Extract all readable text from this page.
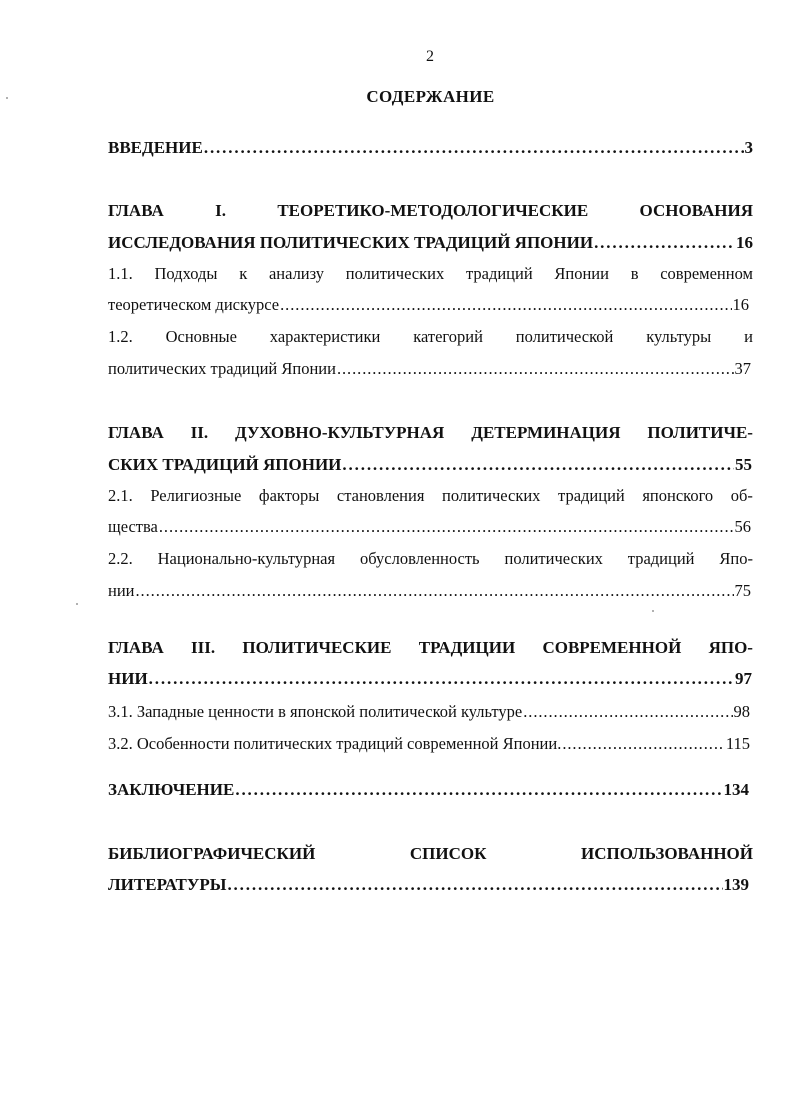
2
СОДЕРЖАНИЕ
ВВЕДЕНИЕ . . .	3
ГЛАВА	I.	ТЕОРЕТИКО-МЕТОДОЛОГИЧЕСКИЕ	ОСНОВАНИЯ
ИССЛЕДОВАНИЯ ПОЛИТИЧЕСКИХ ТРАДИЦИЙ ЯПОНИИ . . .	16
1.1. Подходы к анализу политических традиций Японии в современном
теоретическом дискурсе . . .	16
1.2. Основные характеристики категорий политической культуры и
политических традиций Японии . . .	37
ГЛАВА II. ДУХОВНО-КУЛЬТУРНАЯ ДЕТЕРМИНАЦИЯ ПОЛИТИЧЕ-
СКИХ ТРАДИЦИЙ ЯПОНИИ . . .	55
2.1. Религиозные факторы становления политических традиций японского об-
щества . . .	56
2.2. Национально-культурная обусловленность политических традиций Япо-
нии . . .	75
ГЛАВА III. ПОЛИТИЧЕСКИЕ ТРАДИЦИИ СОВРЕМЕННОЙ ЯПО-
НИИ . . .	97
3.1. Западные ценности в японской политической культуре . . .	98
3.2. Особенности политических традиций современной Японии. . . .	115
ЗАКЛЮЧЕНИЕ . . .	134
БИБЛИОГРАФИЧЕСКИЙ	СПИСОК	ИСПОЛЬЗОВАННОЙ
ЛИТЕРАТУРЫ . . .	139
